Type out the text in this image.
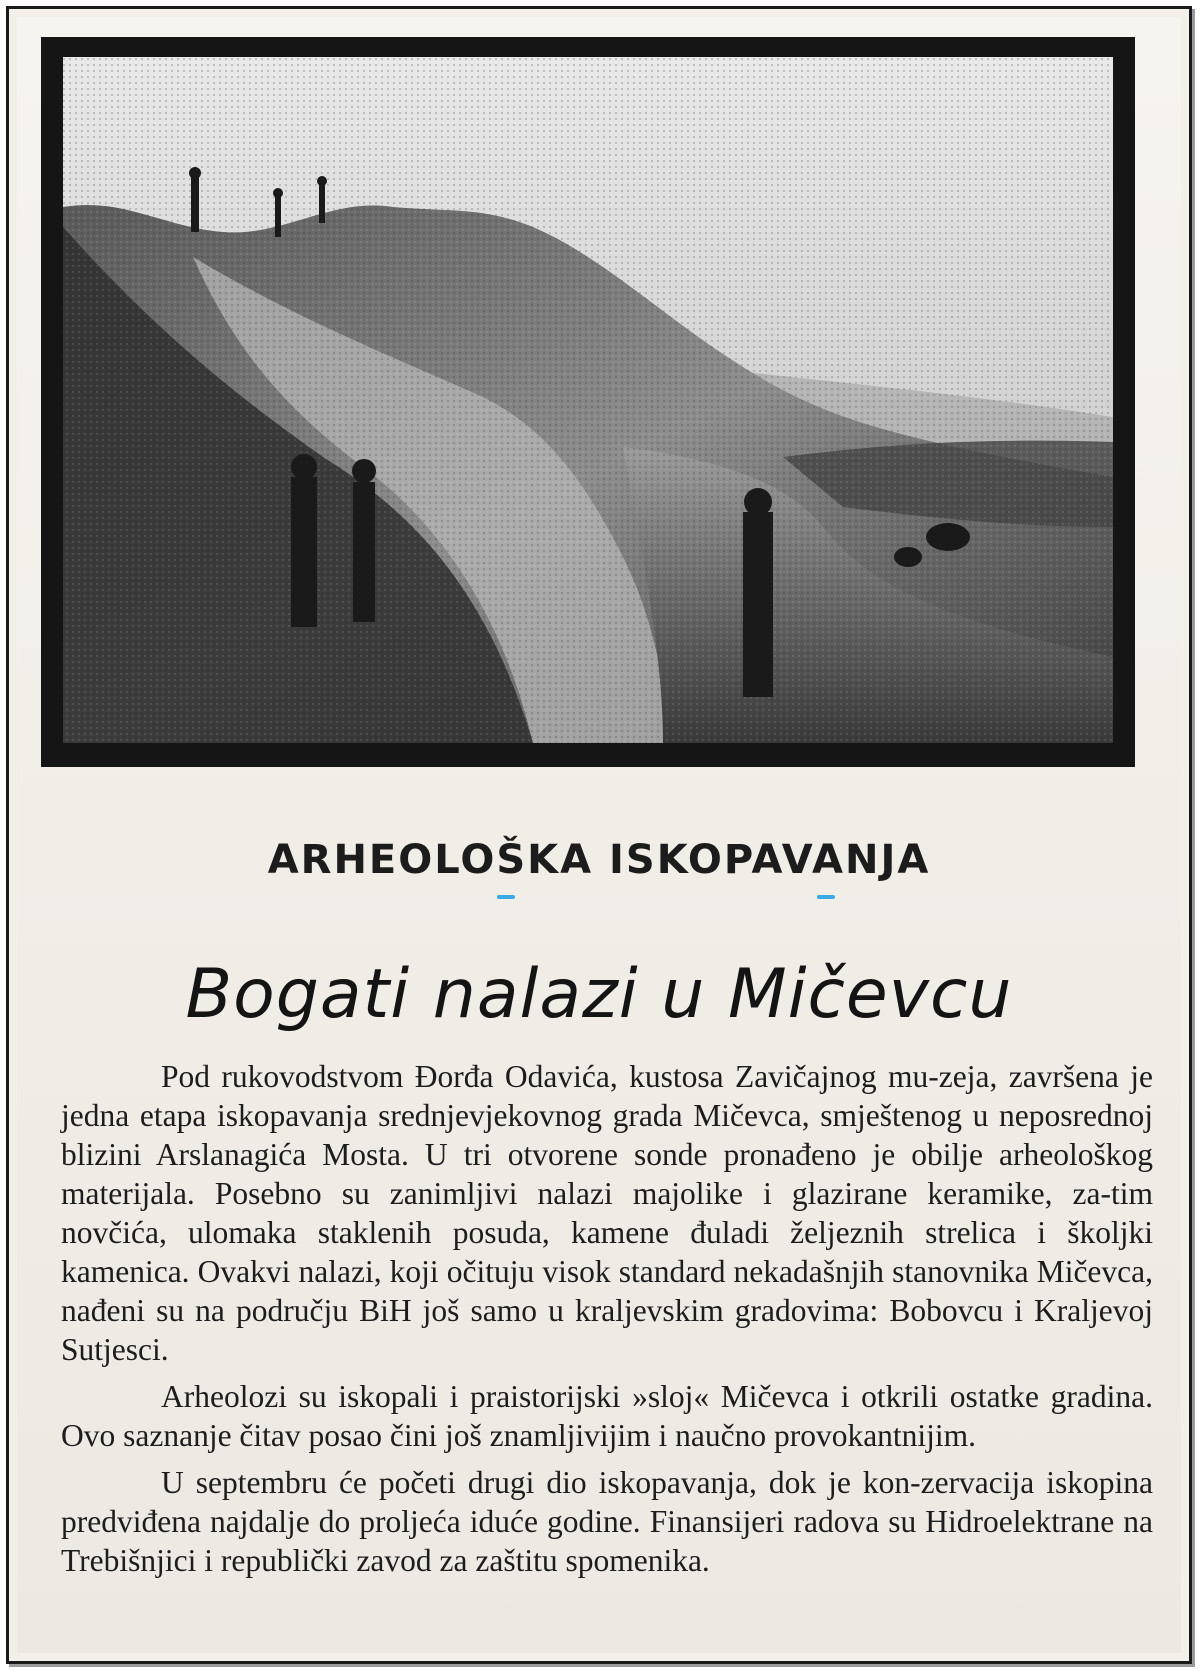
ARHEOLOŠKA ISKOPAVANJA
Bogati nalazi u Mičevcu

Pod rukovodstvom Đorđa Odavića, kustosa Zavičajnog mu-zeja, završena je jedna etapa iskopavanja srednjevjekovnog grada Mičevca, smještenog u neposrednoj blizini Arslanagića Mosta. U tri otvorene sonde pronađeno je obilje arheološkog materijala. Posebno su zanimljivi nalazi majolike i glazirane keramike, za-tim novčića, ulomaka staklenih posuda, kamene đuladi željeznih strelica i školjki kamenica. Ovakvi nalazi, koji očituju visok standard nekadašnjih stanovnika Mičevca, nađeni su na području BiH još samo u kraljevskim gradovima: Bobovcu i Kraljevoj Sutjesci.

Arheolozi su iskopali i praistorijski »sloj« Mičevca i otkrili ostatke gradina. Ovo saznanje čitav posao čini još znamljivijim i naučno provokantnijim.

U septembru će početi drugi dio iskopavanja, dok je kon-zervacija iskopina predviđena najdalje do proljeća iduće godine. Finansijeri radova su Hidroelektrane na Trebišnjici i republički zavod za zaštitu spomenika.
